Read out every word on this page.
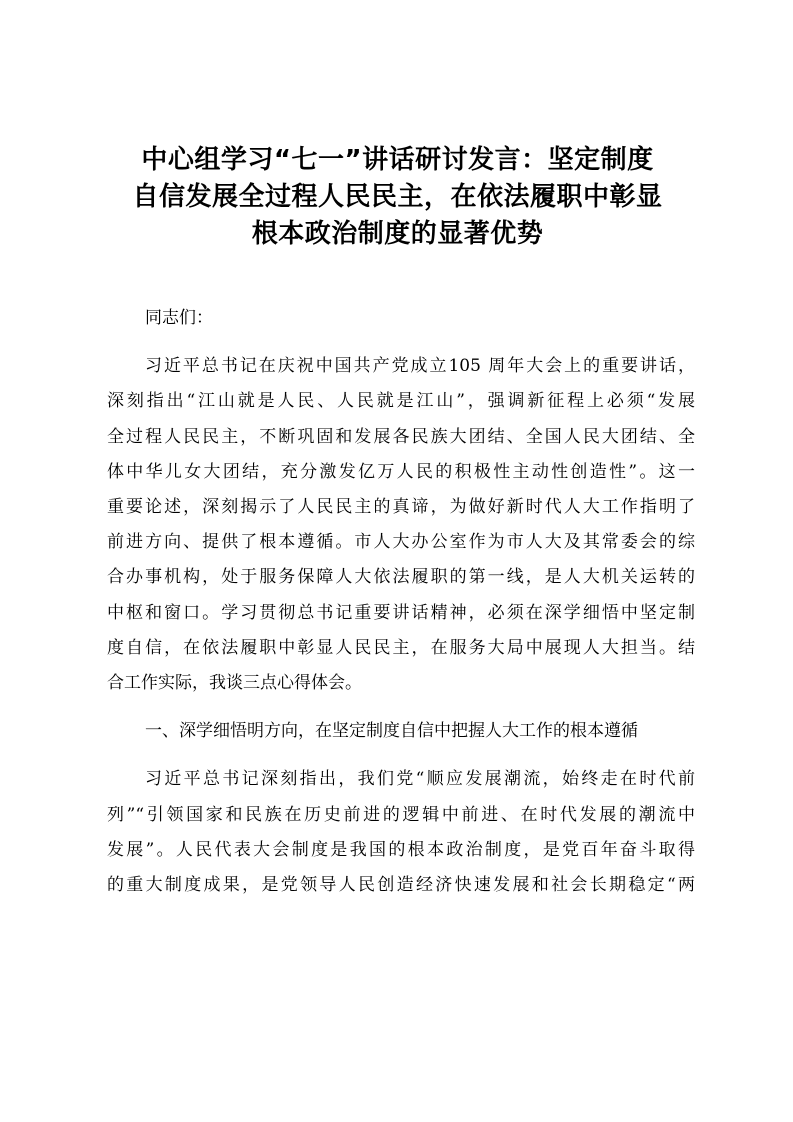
中心组学习“七一”讲话研讨发言：坚定制度
自信发展全过程人民民主，在依法履职中彰显
根本政治制度的显著优势

同志们：

习近平总书记在庆祝中国共产党成立105 周年大会上的重要讲话，
深刻指出“江山就是人民、人民就是江山”，强调新征程上必须“发展
全过程人民民主，不断巩固和发展各民族大团结、全国人民大团结、全
体中华儿女大团结，充分激发亿万人民的积极性主动性创造性”。这一
重要论述，深刻揭示了人民民主的真谛，为做好新时代人大工作指明了
前进方向、提供了根本遵循。市人大办公室作为市人大及其常委会的综
合办事机构，处于服务保障人大依法履职的第一线，是人大机关运转的
中枢和窗口。学习贯彻总书记重要讲话精神，必须在深学细悟中坚定制
度自信，在依法履职中彰显人民民主，在服务大局中展现人大担当。结
合工作实际，我谈三点心得体会。

一、深学细悟明方向，在坚定制度自信中把握人大工作的根本遵循

习近平总书记深刻指出，我们党“顺应发展潮流，始终走在时代前
列”“引领国家和民族在历史前进的逻辑中前进、在时代发展的潮流中
发展”。人民代表大会制度是我国的根本政治制度，是党百年奋斗取得
的重大制度成果，是党领导人民创造经济快速发展和社会长期稳定“两
